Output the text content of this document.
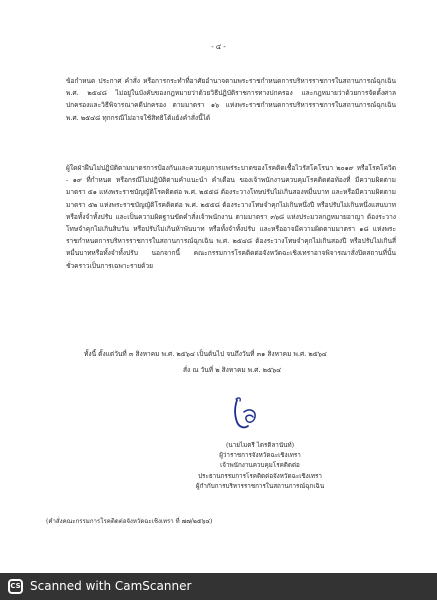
- ๔ -
ข้อกำหนด ประกาศ คำสั่ง หรือการกระทำที่อาศัยอำนาจตามพระราชกำหนดการบริหารราชการในสถานการณ์ฉุกเฉิน พ.ศ. ๒๕๔๘ ไม่อยู่ในบังคับของกฎหมายว่าด้วยวิธีปฏิบัติราชการทางปกครอง และกฎหมายว่าด้วยการจัดตั้งศาลปกครองและวิธีพิจารณาคดีปกครอง ตามมาตรา ๑๖ แห่งพระราชกำหนดการบริหารราชการในสถานการณ์ฉุกเฉิน พ.ศ. ๒๕๔๘ ทุกกรณีไม่อาจใช้สิทธิโต้แย้งคำสั่งนี้ได้
ผู้ใดฝ่าฝืนไม่ปฏิบัติตามมาตรการป้องกันและควบคุมการแพร่ระบาดของโรคติดเชื้อไวรัสโคโรนา ๒๐๑๙ หรือโรคโควิด - ๑๙ ที่กำหนด หรือกรณีไม่ปฏิบัติตามคำแนะนำ คำเตือน ของเจ้าพนักงานควบคุมโรคติดต่อท้องที่ มีความผิดตามมาตรา ๕๑ แห่งพระราชบัญญัติโรคติดต่อ พ.ศ. ๒๕๕๘ ต้องระวางโทษปรับไม่เกินสองหมื่นบาท และหรือมีความผิดตามมาตรา ๕๒ แห่งพระราชบัญญัติโรคติดต่อ พ.ศ. ๒๕๕๘ ต้องระวางโทษจำคุกไม่เกินหนึ่งปี หรือปรับไม่เกินหนึ่งแสนบาท หรือทั้งจำทั้งปรับ และเป็นความผิดฐานขัดคำสั่งเจ้าพนักงาน ตามมาตรา ๓๖๘ แห่งประมวลกฎหมายอาญา ต้องระวางโทษจำคุกไม่เกินสิบวัน หรือปรับไม่เกินห้าพันบาท หรือทั้งจำทั้งปรับ และหรืออาจมีความผิดตามมาตรา ๑๘ แห่งพระราชกำหนดการบริหารราชการในสถานการณ์ฉุกเฉิน พ.ศ. ๒๕๔๘ ต้องระวางโทษจำคุกไม่เกินสองปี หรือปรับไม่เกินสี่หมื่นบาทหรือทั้งจำทั้งปรับ นอกจากนี้ คณะกรรมการโรคติดต่อจังหวัดฉะเชิงเทราอาจพิจารณาสั่งปิดสถานที่นั้นชั่วคราวเป็นการเฉพาะรายด้วย
ทั้งนี้ ตั้งแต่วันที่ ๓ สิงหาคม พ.ศ. ๒๕๖๔ เป็นต้นไป จนถึงวันที่ ๓๑ สิงหาคม พ.ศ. ๒๕๖๔
สั่ง ณ วันที่ ๒ สิงหาคม พ.ศ. ๒๕๖๔
(นายไมตรี ไตรติลานันท์)
ผู้ว่าราชการจังหวัดฉะเชิงเทรา
เจ้าพนักงานควบคุมโรคติดต่อ
ประธานกรรมการโรคติดต่อจังหวัดฉะเชิงเทรา
ผู้กำกับการบริหารราชการในสถานการณ์ฉุกเฉิน
(คำสั่งคณะกรรมการโรคติดต่อจังหวัดฉะเชิงเทรา ที่ ๗๗/๒๕๖๔)
CS Scanned with CamScanner
